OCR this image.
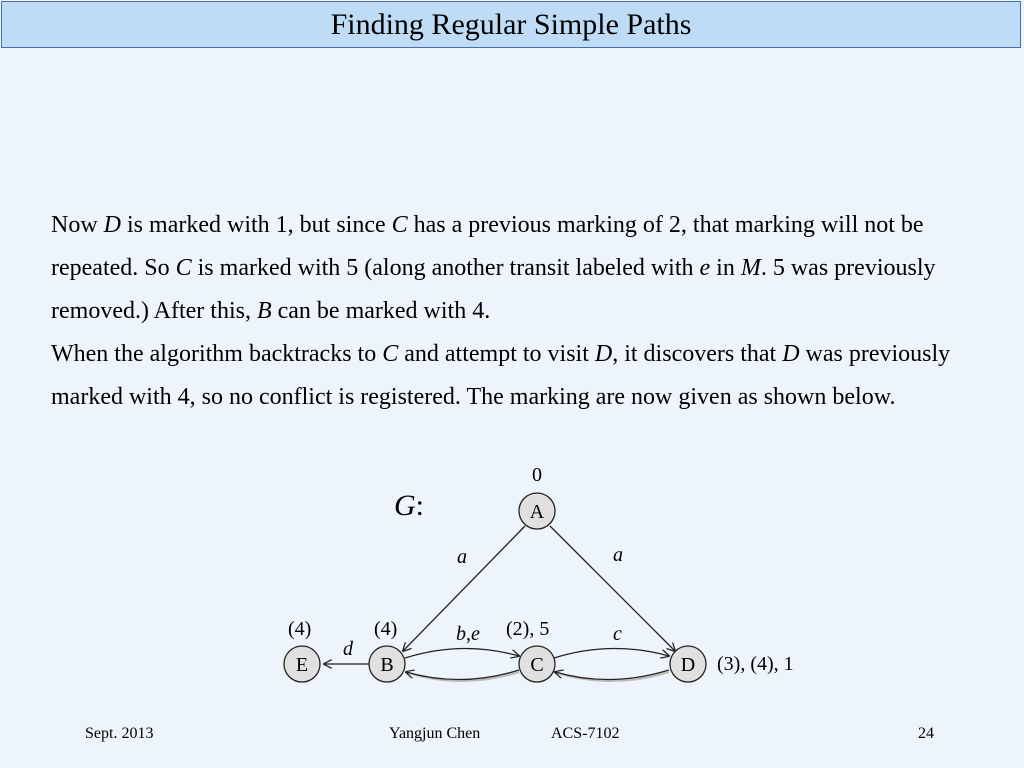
Finding Regular Simple Paths

Now D is marked with 1, but since C has a previous marking of 2, that marking will not be repeated. So C is marked with 5 (along another transit labeled with e in M. 5 was previously removed.) After this, B can be marked with 4.

When the algorithm backtracks to C and attempt to visit D, it discovers that D was previously marked with 4, so no conflict is registered. The marking are now given as shown below.

G:	A
E	B	C	D
a	a
d
b,e	c
0
(4)	(4)	(2), 5
(3), (4), 1
Sept. 2013	Yangjun Chen	ACS-7102	24
